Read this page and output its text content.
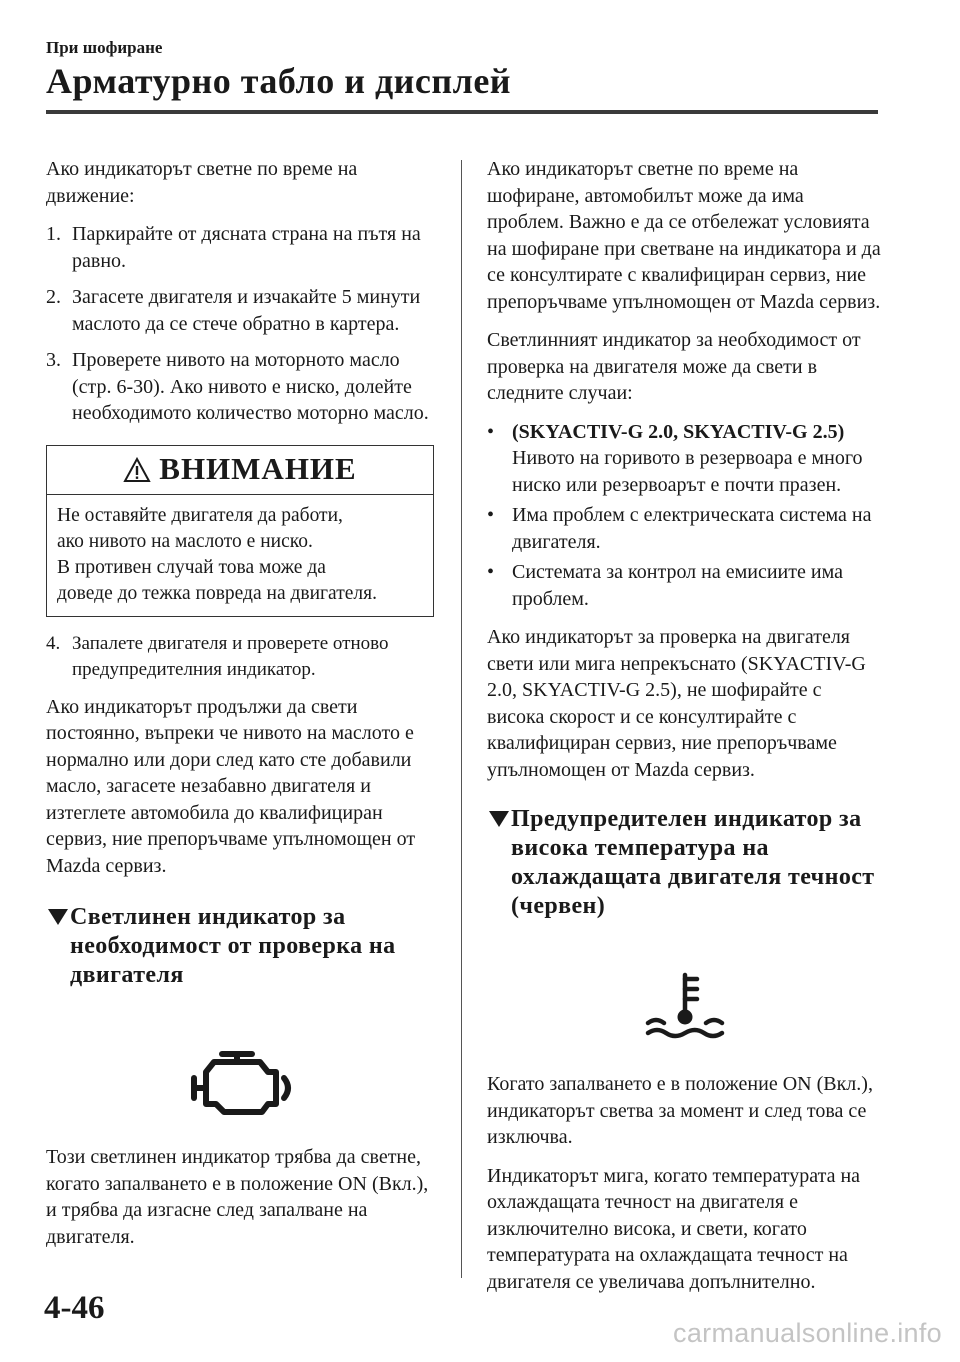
При шофиране
Арматурно табло и дисплей

Ако индикаторът светне по време на движение:

1. Паркирайте от дясната страна на пътя на равно.
2. Загасете двигателя и изчакайте 5 минути маслото да се стече обратно в картера.
3. Проверете нивото на моторното масло (стр. 6-30). Ако нивото е ниско, долейте необходимото количество моторно масло.
ВНИМАНИЕ
Не оставяйте двигателя да работи,
ако нивото на маслото е ниско.
В противен случай това може да
доведе до тежка повреда на двигателя.
4. Запалете двигателя и проверете отново предупредителния индикатор.

Ако индикаторът продължи да свети постоянно, въпреки че нивото на маслото е нормално или дори след като сте добавили масло, загасете незабавно двигателя и изтеглете автомобила до квалифициран сервиз, ние препоръчваме упълномощен от Mazda сервиз.

Светлинен индикатор за необходимост от проверка на двигателя

Този светлинен индикатор трябва да светне, когато запалването е в положение ON (Вкл.), и трябва да изгасне след запалване на двигателя.

Ако индикаторът светне по време на шофиране, автомобилът може да има проблем. Важно е да се отбележат условията на шофиране при светване на индикатора и да се консултирате с квалифициран сервиз, ние препоръчваме упълномощен от Mazda сервиз.

Светлинният индикатор за необходимост от проверка на двигателя може да свети в следните случаи:

• (SKYACTIV-G 2.0, SKYACTIV-G 2.5)
Нивото на горивото в резервоара е много ниско или резервоарът е почти празен.
• Има проблем с електрическата система на двигателя.
• Системата за контрол на емисиите има проблем.

Ако индикаторът за проверка на двигателя свети или мига непрекъснато (SKYACTIV-G 2.0, SKYACTIV-G 2.5), не шофирайте с висока скорост и се консултирайте с квалифициран сервиз, ние препоръчваме упълномощен от Mazda сервиз.

Предупредителен индикатор за висока температура на охлаждащата двигателя течност (червен)

Когато запалването е в положение ON (Вкл.), индикаторът светва за момент и след това се изключва.

Индикаторът мига, когато температурата на охлаждащата течност на двигателя е изключително висока, и свети, когато температурата на охлаждащата течност на двигателя се увеличава допълнително.

4-46
carmanualsonline.info
